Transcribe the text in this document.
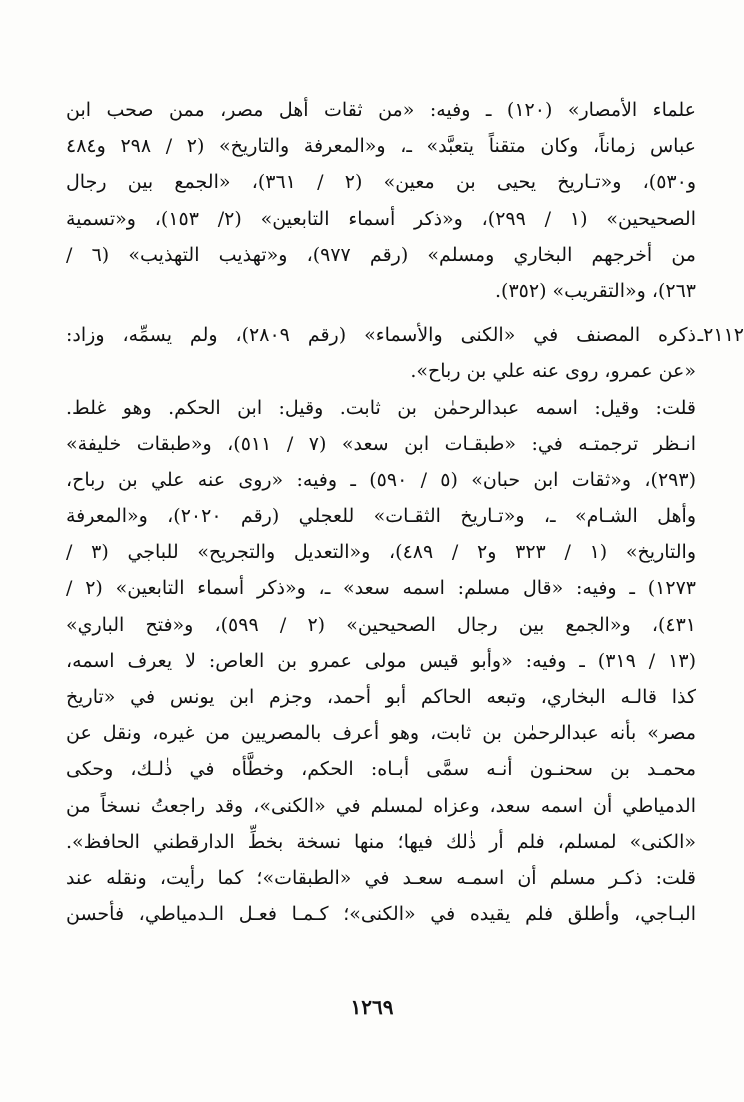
علماء الأمصار» (١٢٠) ـ وفيه: «من ثقات أهل مصر، ممن صحب ابن
عباس زماناً، وكان متقناً يتعبَّد» ـ، و«المعرفة والتاريخ» (٢ / ٢٩٨ و٤٨٤
و٥٣٠)، و«تـاريخ يحيى بن معين» (٢ / ٣٦١)، «الجمع بين رجال
الصحيحين» (١ / ٢٩٩)، و«ذكر أسماء التابعين» (٢/ ١٥٣)، و«تسمية
من أخرجهم البخاري ومسلم» (رقم ٩٧٧)، و«تهذيب التهذيب» (٦ /
٢٦٣)، و«التقريب» (٣٥٢).
٢١١٢ـ
ذكره المصنف في «الكنى والأسماء» (رقم ٢٨٠٩)، ولم يسمِّه، وزاد:
«عن عمرو، روى عنه علي بن رباح».
قلت: وقيل: اسمه عبدالرحمٰن بن ثابت. وقيل: ابن الحكم. وهو غلط.
انـظر ترجمتـه في: «طبقـات ابن سعد» (٧ / ٥١١)، و«طبقات خليفة»
(٢٩٣)، و«ثقات ابن حبان» (٥ / ٥٩٠) ـ وفيه: «روى عنه علي بن رباح،
وأهل الشـام» ـ، و«تـاريخ الثقـات» للعجلي (رقم ٢٠٢٠)، و«المعرفة
والتاريخ» (١ / ٣٢٣ و٢ / ٤٨٩)، و«التعديل والتجريح» للباجي (٣ /
١٢٧٣) ـ وفيه: «قال مسلم: اسمه سعد» ـ، و«ذكر أسماء التابعين» (٢ /
٤٣١)، و«الجمع بين رجال الصحيحين» (٢ / ٥٩٩)، و«فتح الباري»
(١٣ / ٣١٩) ـ وفيه: «وأبو قيس مولى عمرو بن العاص: لا يعرف اسمه،
كذا قالـه البخاري، وتبعه الحاكم أبو أحمد، وجزم ابن يونس في «تاريخ
مصر» بأنه عبدالرحمٰن بن ثابت، وهو أعرف بالمصريين من غيره، ونقل عن
محمـد بن سحنـون أنـه سمَّى أبـاه: الحكم، وخطَّأه في ذٰلـك، وحكى
الدمياطي أن اسمه سعد، وعزاه لمسلم في «الكنى»، وقد راجعتُ نسخاً من
«الكنى» لمسلم، فلم أر ذٰلك فيها؛ منها نسخة بخطِّ الدارقطني الحافظ».
قلت: ذكـر مسلم أن اسمـه سعـد في «الطبقات»؛ كما رأيت، ونقله عند
البـاجي، وأطلق فلم يقيده في «الكنى»؛ كـمـا فعـل الـدمياطي، فأحسن
١٢٦٩
